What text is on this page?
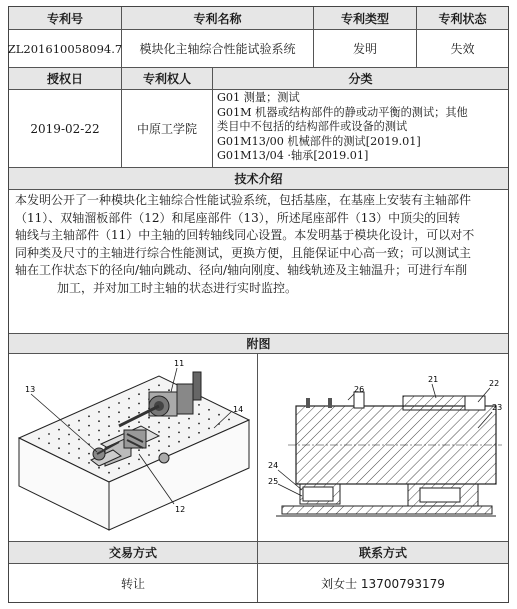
专利号	专利名称	专利类型	专利状态
ZL201610058094.7	模块化主轴综合性能试验系统	发明	失效
授权日	专利权人	分类
2019-02-22	中原工学院
G01 测量；测试
G01M 机器或结构部件的静或动平衡的测试；其他
类目中不包括的结构部件或设备的测试
G01M13/00 机械部件的测试[2019.01]
G01M13/04 ·轴承[2019.01]
技术介绍
本发明公开了一种模块化主轴综合性能试验系统，包括基座，在基座上安装有主轴部件
（11）、双轴溜板部件（12）和尾座部件（13），所述尾座部件（13）中顶尖的回转
轴线与主轴部件（11）中主轴的回转轴线同心设置。本发明基于模块化设计，可以对不
同种类及尺寸的主轴进行综合性能测试，更换方便，且能保证中心高一致；可以测试主
轴在工作状态下的径向/轴向跳动、径向/轴向刚度、轴线轨迹及主轴温升；可进行车削
加工，并对加工时主轴的状态进行实时监控。
附图
11
13
14
12
21	22
23
26
24
25
交易方式	联系方式
转让	刘女士 13700793179
